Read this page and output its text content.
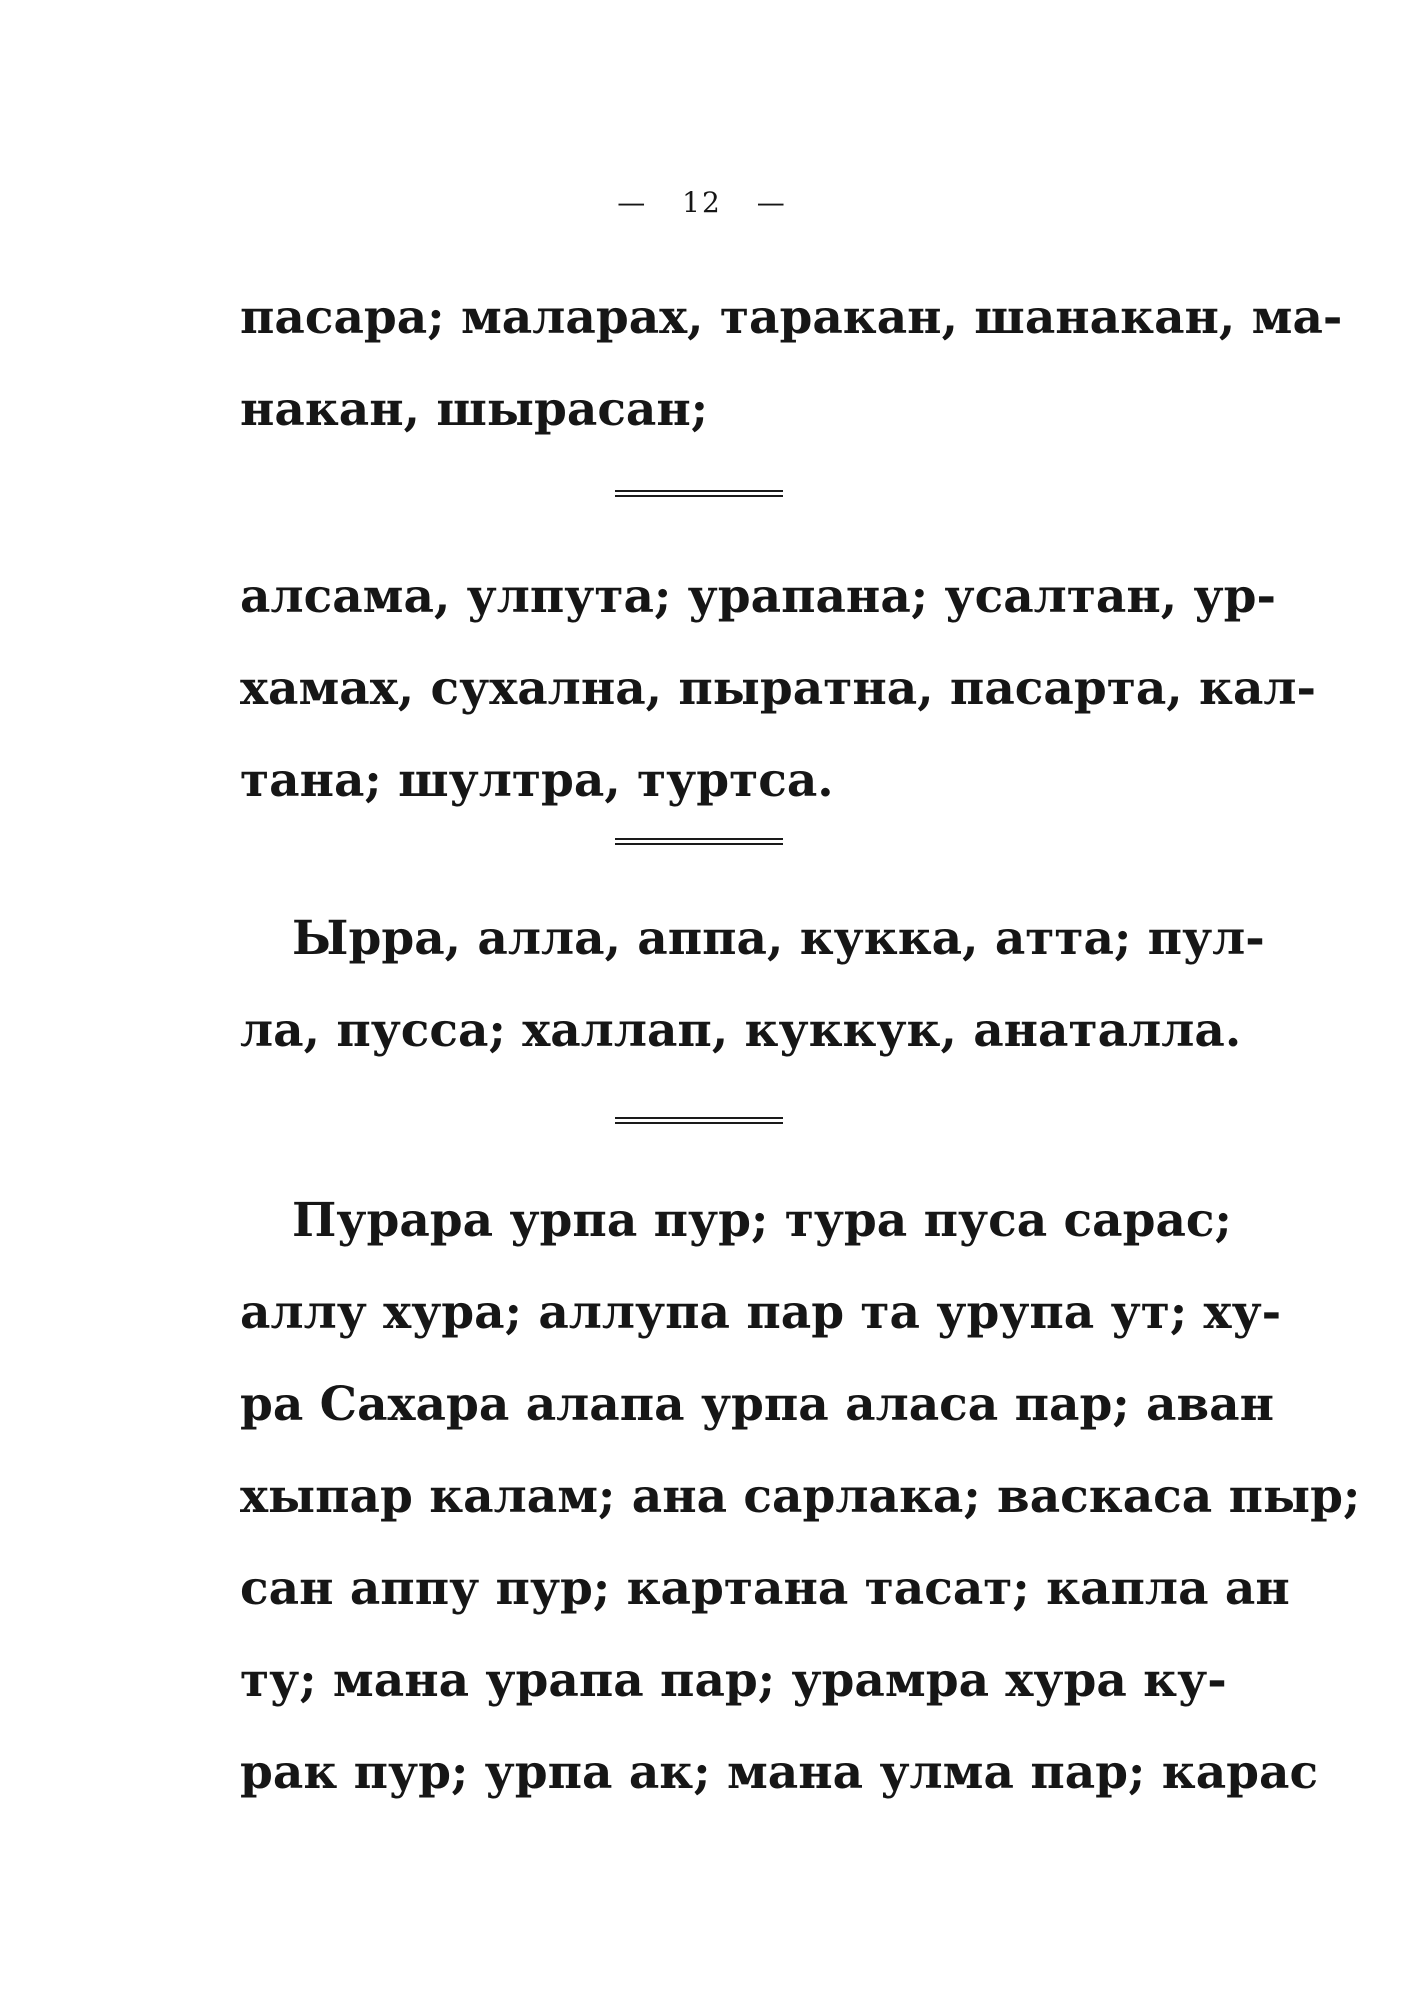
— 12 —
пасара; маларах, таракан, шанакан, ма-
накан, шырасан;
алсама, улпута; урапана; усалтан, ур-
хамах, сухална, пыратна, пасарта, кал-
тана; шултра, туртса.
Ырра, алла, аппа, кукка, атта; пул-
ла, пусса; халлап, куккук, анаталла.
Пурара урпа пур; тура пуса сарас;
аллу хура; аллупа пар та урупа ут; ху-
ра Сахара алапа урпа аласа пар; аван
хыпар калам; ана сарлака; васкаса пыр;
сан аппу пур; картана тасат; капла ан
ту; мана урапа пар; урамра хура ку-
рак пур; урпа ак; мана улма пар; карас
